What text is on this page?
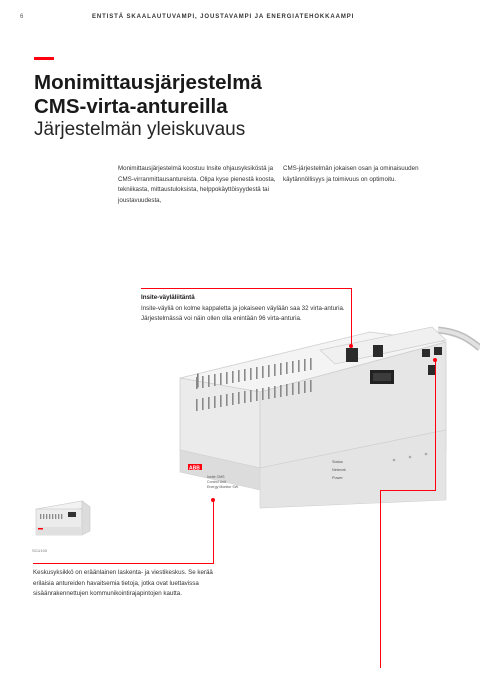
6	ENTISTÄ SKAALAUTUVAMPI, JOUSTAVAMPI JA ENERGIATEHOKKAAMPI
Monimittausjärjestelmä
CMS-virta-antureilla
Järjestelmän yleiskuvaus
Monimittausjärjestelmä koostuu Insite ohjausyksiköstä ja CMS-virranmittausantureista. Olipa kyse pienestä koosta, tekniikasta, mittaustuloksista, helppokäyttöisyydestä tai joustavuudesta,
CMS-järjestelmän jokaisen osan ja ominaisuuden käytännöllisyys ja toimivuus on optimoitu.
Insite-väyläliitäntä
Insite-väyliä on kolme kappaletta ja jokaiseen väylään saa 32 virta-anturia. Järjestelmässä voi näin ollen olla enintään 96 virta-anturia.
SCU100
ABB
Insite CMS
Control Unit
Energy Monitor SW
Status
Network
Power
Keskusyksikkö on eräänlainen laskenta- ja viestikeskus. Se kerää erilaisia antureiden havaitsemia tietoja, jotka ovat luettavissa sisäänrakennettujen kommunikointirajapintojen kautta.
